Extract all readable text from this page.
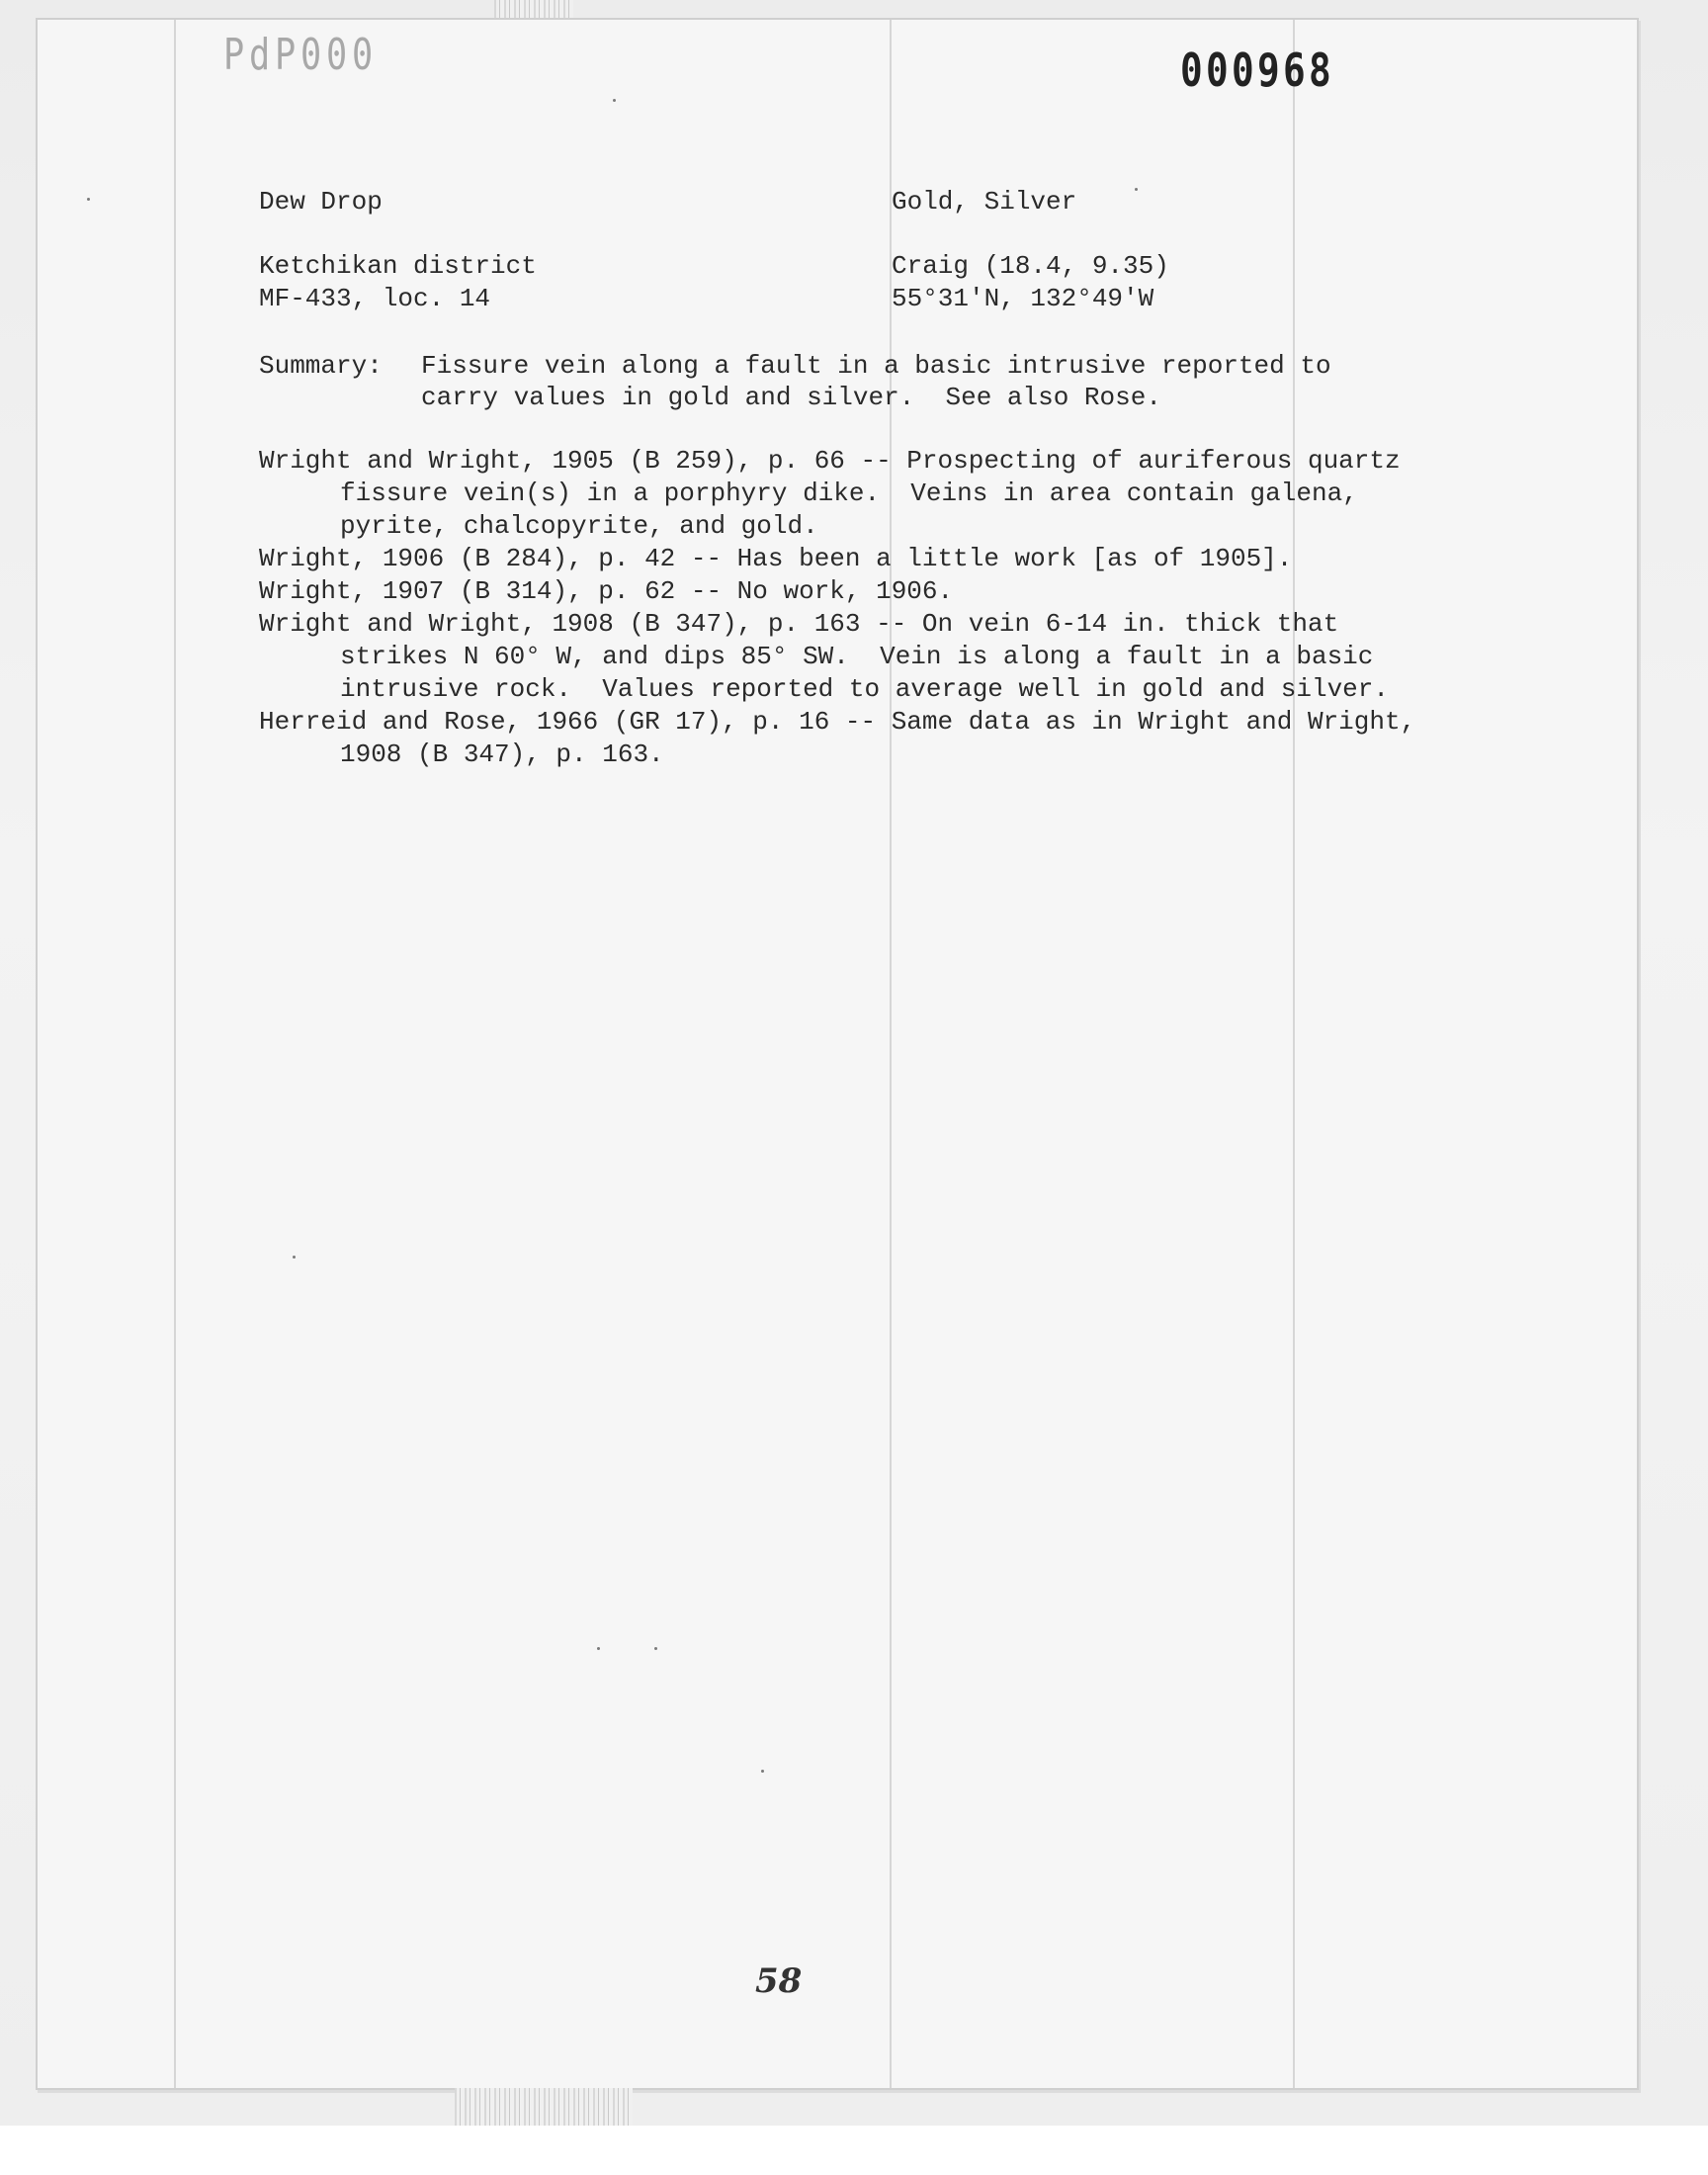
PdP000	000968
Dew Drop	Gold, Silver
Ketchikan district	Craig (18.4, 9.35)
MF-433, loc. 14	55°31'N, 132°49'W
Summary: Fissure vein along a fault in a basic intrusive reported to
carry values in gold and silver.  See also Rose.
Wright and Wright, 1905 (B 259), p. 66 -- Prospecting of auriferous quartz
fissure vein(s) in a porphyry dike.  Veins in area contain galena,
pyrite, chalcopyrite, and gold.
Wright, 1906 (B 284), p. 42 -- Has been a little work [as of 1905].
Wright, 1907 (B 314), p. 62 -- No work, 1906.
Wright and Wright, 1908 (B 347), p. 163 -- On vein 6-14 in. thick that
strikes N 60° W, and dips 85° SW.  Vein is along a fault in a basic
intrusive rock.  Values reported to average well in gold and silver.
Herreid and Rose, 1966 (GR 17), p. 16 -- Same data as in Wright and Wright,
1908 (B 347), p. 163.
58
